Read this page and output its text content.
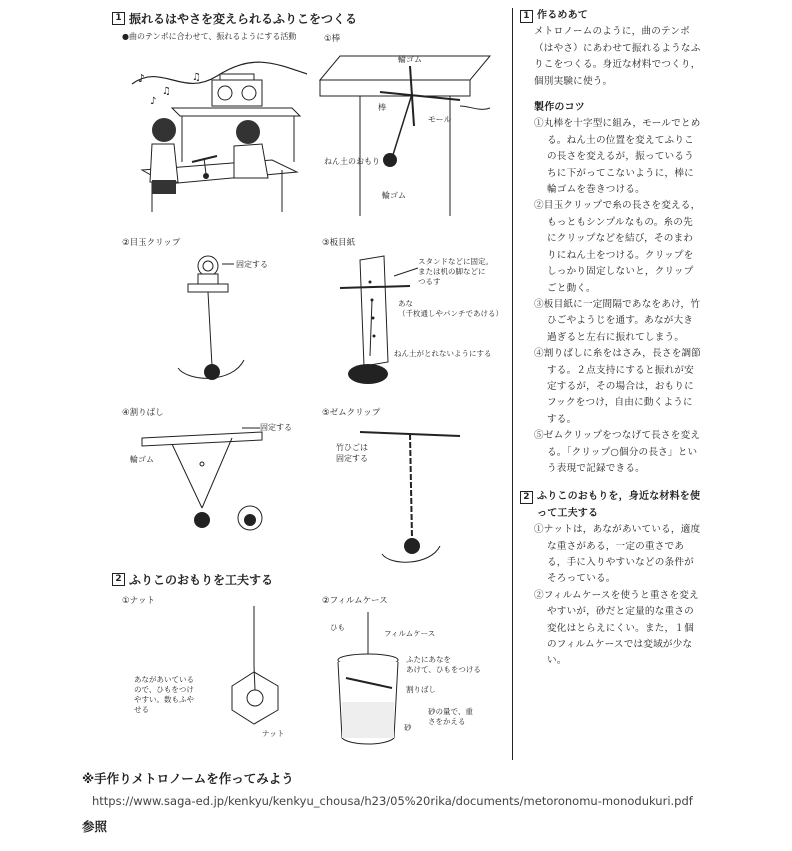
1 振れるはやさを変えられるふりこをつくる
●曲のテンポに合わせて、振れるようにする活動
♪
♫
♪
♫
①棒
輪ゴム
モール
棒
ねん土のおもり
輪ゴム
②目玉クリップ
固定する
③板目紙
スタンドなどに固定。
または机の脚などに
つるす
あな
（千枚通しやパンチであける）
ねん土がとれないようにする
④割りばし
固定する
輪ゴム
⑤ゼムクリップ
竹ひごは
固定する
2 ふりこのおもりを工夫する
①ナット
あながあいている
ので、ひもをつけ
やすい。数もふや
せる
ナット
②フィルムケース
ひも
フィルムケース
ふたにあなを
あけて、ひもをつける
割りばし
砂の量で、重
さをかえる
砂
1 作るめあて

メトロノームのように，曲のテンポ（はやさ）にあわせて振れるようなふりこをつくる。身近な材料でつくり，個別実験に使う。

製作のコツ

①丸棒を十字型に組み，モールでとめる。ねん土の位置を変えてふりこの長さを変えるが，振っているうちに下がってこないように，棒に輪ゴムを巻きつける。

②目玉クリップで糸の長さを変える，もっともシンプルなもの。糸の先にクリップなどを結び，そのまわりにねん土をつける。クリップをしっかり固定しないと，クリップごと動く。

③板目紙に一定間隔であなをあけ，竹ひごやようじを通す。あなが大き過ぎると左右に振れてしまう。

④割りばしに糸をはさみ，長さを調節する。２点支持にすると振れが安定するが，その場合は，おもりにフックをつけ，自由に動くようにする。

⑤ゼムクリップをつなげて長さを変える。「クリップ○個分の長さ」という表現で記録できる。

2 ふりこのおもりを，身近な材料を使って工夫する

①ナットは，あながあいている，適度な重さがある，一定の重さである，手に入りやすいなどの条件がそろっている。

②フィルムケースを使うと重さを変えやすいが，砂だと定量的な重さの変化はとらえにくい。また，１個のフィルムケースでは変域が少ない。

※手作りメトロノームを作ってみよう
https://www.saga-ed.jp/kenkyu/kenkyu_chousa/h23/05%20rika/documents/metoronomu-monodukuri.pdf
参照
